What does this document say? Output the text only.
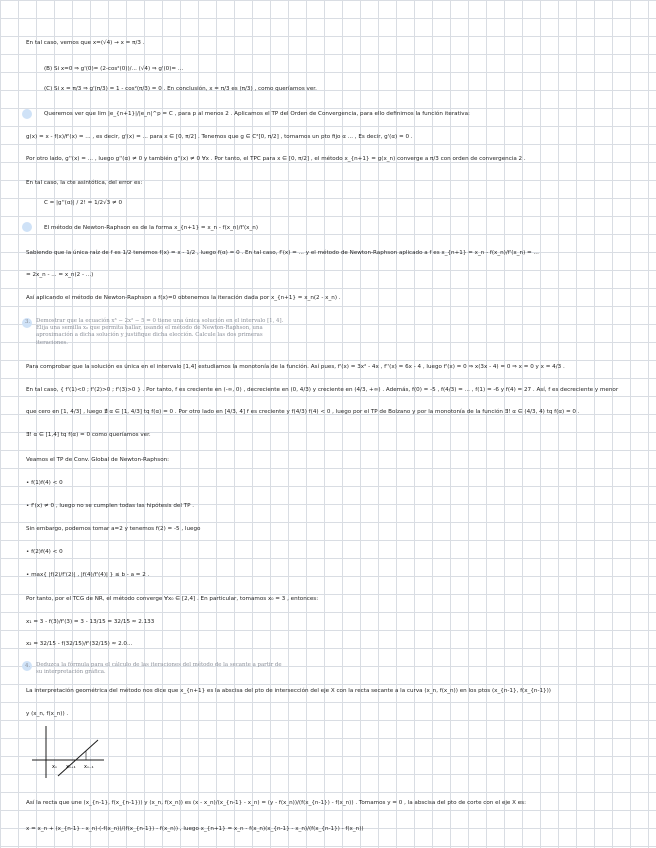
En tal caso, vemos que x=(√4) → x = π/3 .
(B) Si x=0 ⇒ g'(0)= (2-cos²(0))/... (√4) ⇒ g'(0)= ...
(C) Si x = π/3 ⇒ g'(π/3) = 1 - cos²(π/3) = 0 . En conclusión, x = π/3 es (π/3) , como queríamos ver.
Queremos ver que lim |e_{n+1}|/|e_n|^p = C , para p al menos 2 . Aplicamos el TP del Orden de Convergencia, para ello definimos la función iterativa:
g(x) = x - f(x)/f'(x) = ... , es decir, g'(x) = ... para x ∈ [0, π/2] . Tenemos que g ∈ C²[0, π/2] , tomamos un pto fijo α ... , Es decir, g'(α) = 0 .
Por otro lado, g''(x) = ... , luego g''(α) ≠ 0 y también g''(x) ≠ 0 ∀x . Por tanto, el TPC para x ∈ [0, π/2] , el método x_{n+1} = g(x_n) converge a π/3 con orden de convergencia 2 .
En tal caso, la cte asintótica, del error es:
C = |g''(α)| / 2! = 1/2√3 ≠ 0
El método de Newton-Raphson es de la forma x_{n+1} = x_n - f(x_n)/f'(x_n)
Sabiendo que la única raíz de f es 1/2 tenemos f(x) = x - 1/2 , luego f(α) = 0 . En tal caso, f'(x) = ... y el método de Newton-Raphson aplicado a f es x_{n+1} = x_n - f(x_n)/f'(x_n) = ...
= 2x_n - ... = x_n(2 - ...)
Así aplicando el método de Newton-Raphson a f(x)=0 obtenemos la iteración dada por x_{n+1} = x_n(2 - x_n) .
3. Demostrar que la ecuación x³ − 2x² − 5 = 0 tiene una única solución en el intervalo [1, 4]. Elija una semilla x₀ que permita hallar, usando el método de Newton-Raphson, una aproximación a dicha solución y justifique dicha elección. Calcule las dos primeras iteraciones.
Para comprobar que la solución es única en el intervalo [1,4] estudiamos la monotonía de la función. Así pues, f'(x) = 3x² - 4x , f''(x) = 6x - 4 , luego f'(x) = 0 ⇒ x(3x - 4) = 0 ⇒ x = 0 y x = 4/3 .
En tal caso, { f'(1)<0 ; f'(2)>0 ; f'(3)>0 } . Por tanto, f es creciente en (-∞, 0) , decreciente en (0, 4/3) y creciente en (4/3, +∞) . Además, f(0) = -5 , f(4/3) = ... , f(1) = -6 y f(4) = 27 . Así, f es decreciente y menor
que cero en [1, 4/3] , luego ∄ α ∈ [1, 4/3] tq f(α) = 0 . Por otro lado en [4/3, 4] f es creciente y f(4/3) f(4) < 0 , luego por el TP de Bolzano y por la monotonía de la función ∃! α ∈ (4/3, 4) tq f(α) = 0 .
∃! α ∈ [1,4] tq f(α) = 0 como queríamos ver.
Veamos el TP de Conv. Global de Newton-Raphson:
• f(1)f(4) < 0
• f'(x) ≠ 0 , luego no se cumplen todas las hipótesis del TP .
Sin embargo, podemos tomar a=2 y tenemos f(2) = -5 , luego
• f(2)f(4) < 0
• max{ |f(2)/f'(2)| , |f(4)/f'(4)| } ≤ b - a = 2 .
Por tanto, por el TCG de NR, el método converge ∀x₀ ∈ [2,4] . En particular, tomamos x₀ = 3 , entonces:
x₁ = 3 - f(3)/f'(3) = 3 - 13/15 = 32/15 ≈ 2.133
x₂ = 32/15 - f(32/15)/f'(32/15) ≈ 2.0...
4. Deduzca la fórmula para el cálculo de las iteraciones del método de la secante a partir de su interpretación gráfica.
La interpretación geométrica del método nos dice que x_{n+1} es la abscisa del pto de intersección del eje X con la recta secante a la curva (x_n, f(x_n)) en los ptos (x_{n-1}, f(x_{n-1}))
y (x_n, f(x_n)) .
xₙ xₙ₊₁ xₙ₋₁
Así la recta que une (x_{n-1}, f(x_{n-1})) y (x_n, f(x_n)) es (x - x_n)/(x_{n-1} - x_n) = (y - f(x_n))/(f(x_{n-1}) - f(x_n)) . Tomamos y = 0 , la abscisa del pto de corte con el eje X es:
x = x_n + (x_{n-1} - x_n)·(-f(x_n))/(f(x_{n-1}) - f(x_n)) , luego x_{n+1} = x_n - f(x_n)(x_{n-1} - x_n)/(f(x_{n-1}) - f(x_n))
